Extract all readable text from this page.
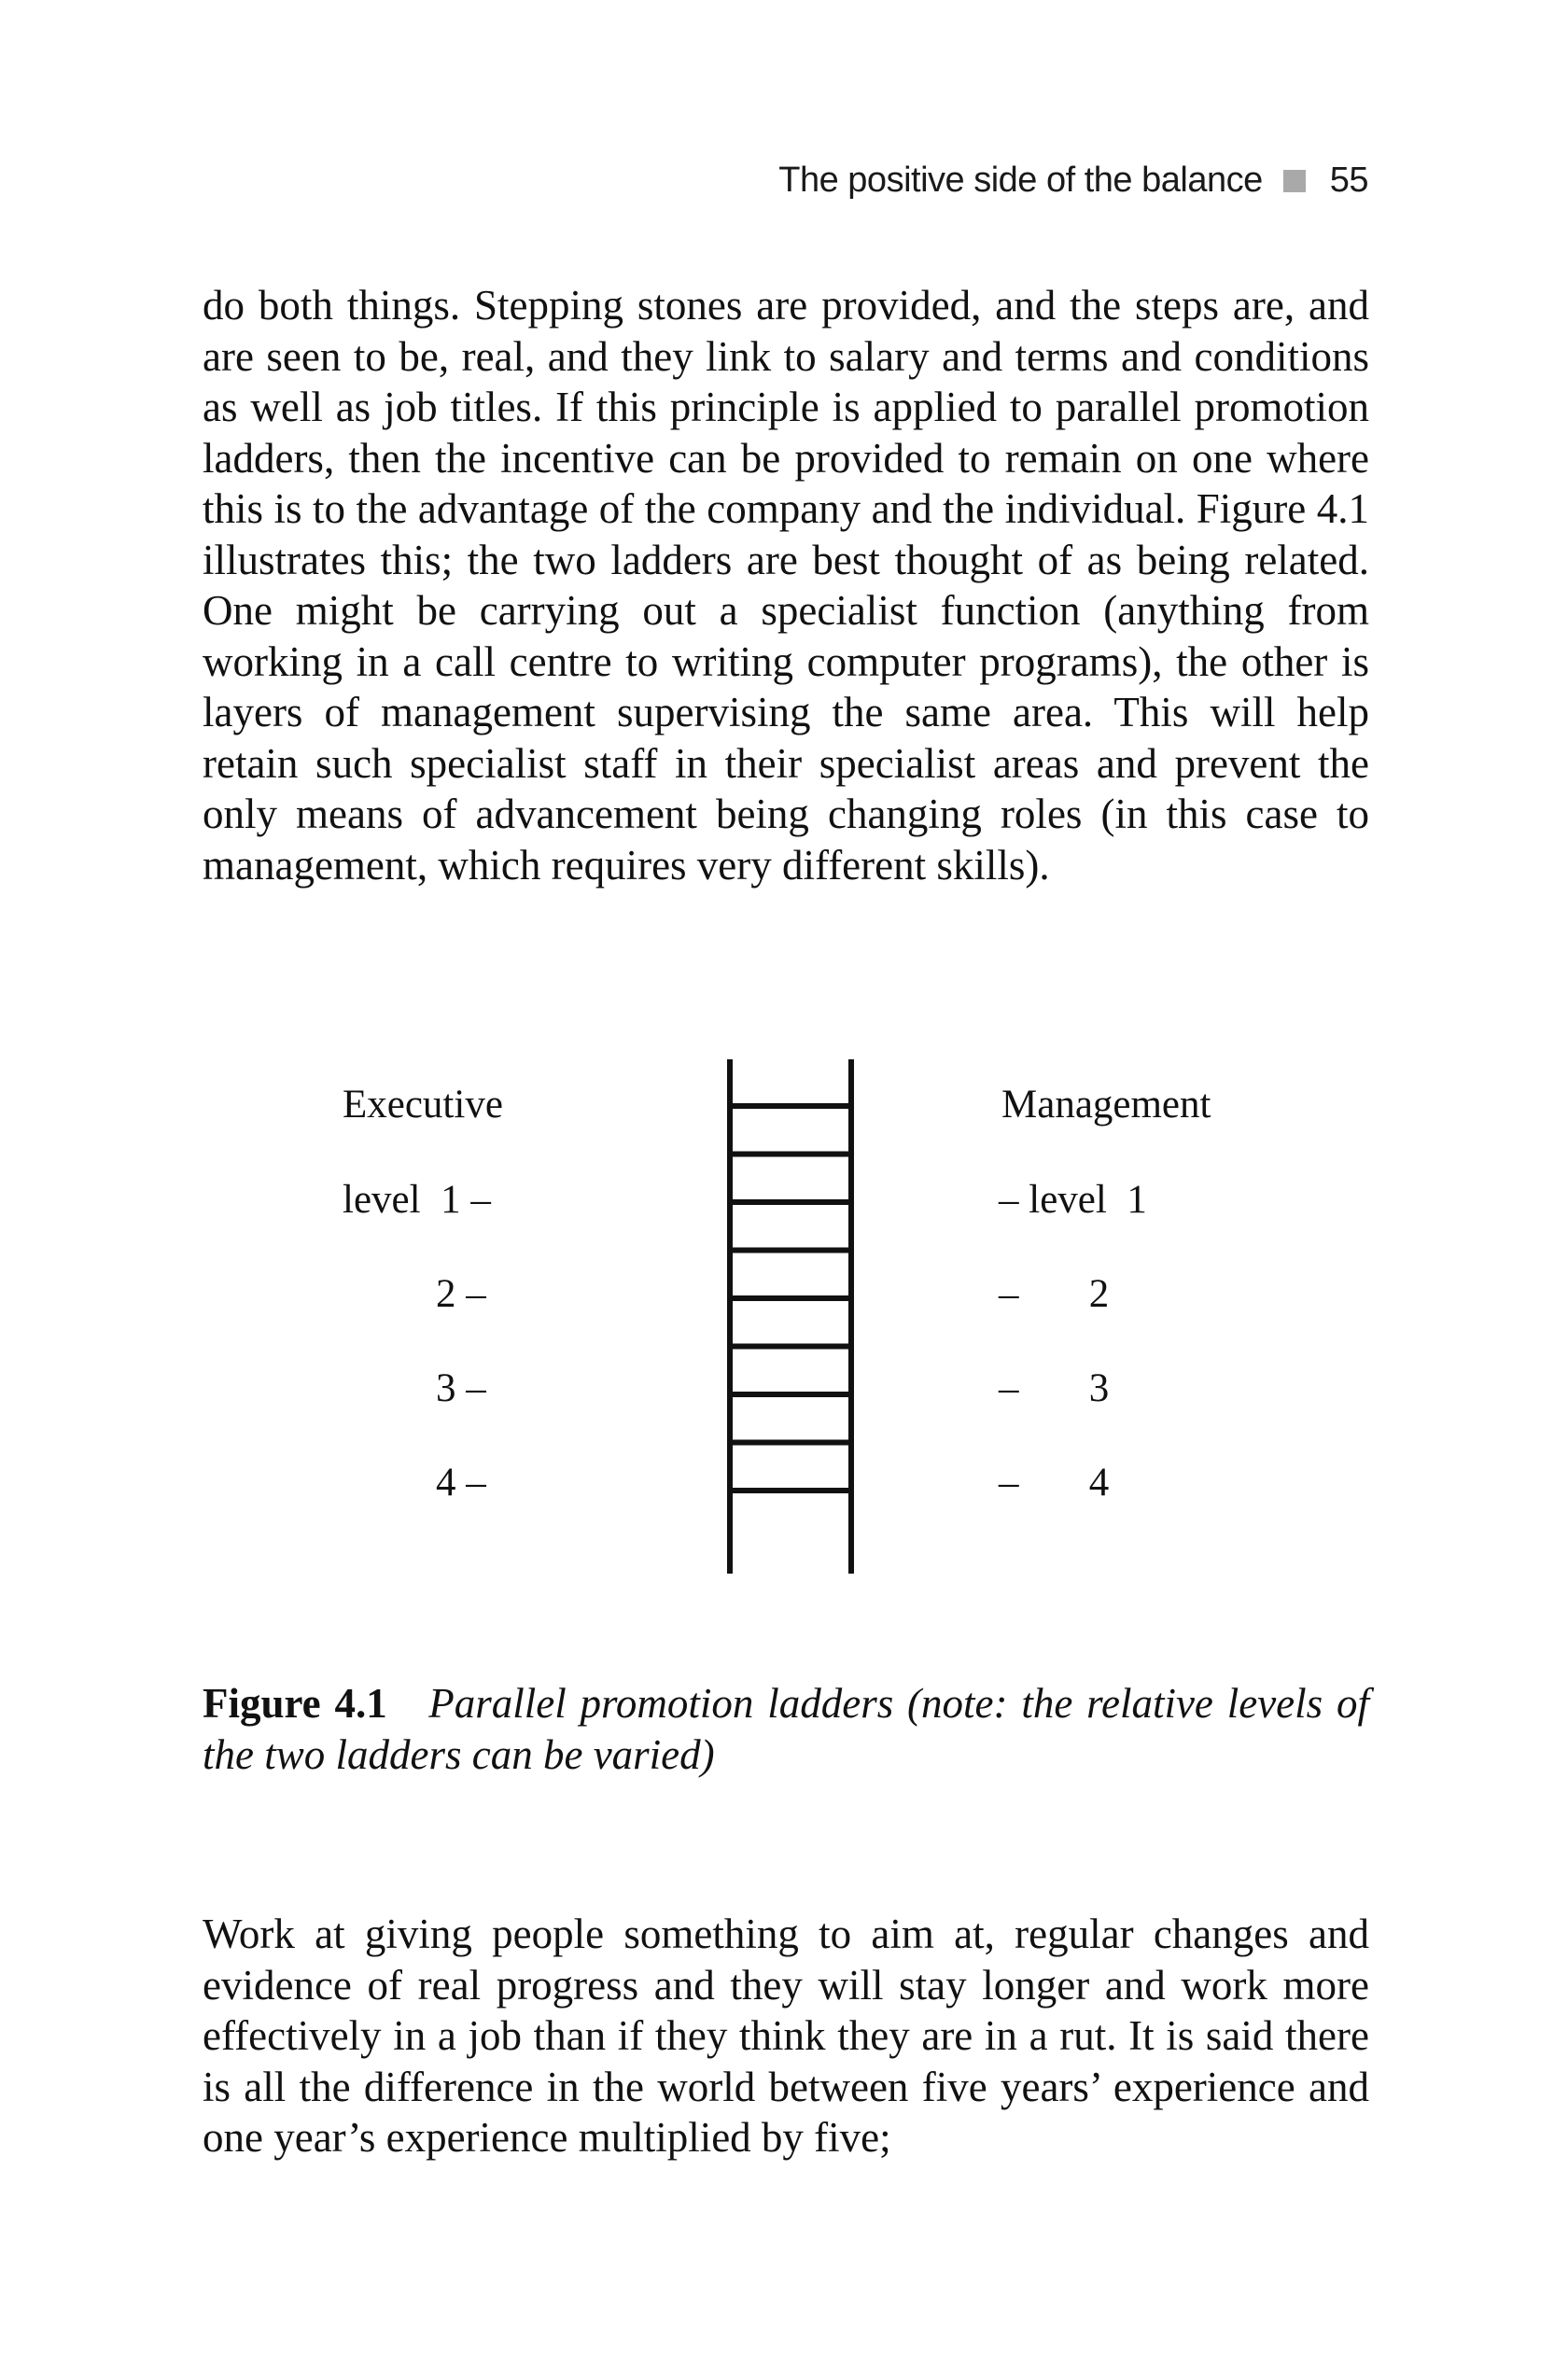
The positive side of the balance 55

do both things. Stepping stones are provided, and the steps are, and are seen to be, real, and they link to salary and terms and conditions as well as job titles. If this principle is applied to parallel promotion ladders, then the incentive can be provided to remain on one where this is to the advantage of the company and the individual. Figure 4.1 illustrates this; the two ladders are best thought of as being related. One might be carrying out a specialist function (anything from working in a call centre to writing computer programs), the other is layers of management supervising the same area. This will help retain such specialist staff in their specialist areas and prevent the only means of advancement being changing roles (in this case to management, which requires very different skills).

Executive
level  1 –
2 –
3 –
4 –
Management
– level  1
–       2
–       3
–       4

Figure 4.1 Parallel promotion ladders (note: the relative levels of the two ladders can be varied)

Work at giving people something to aim at, regular changes and evidence of real progress and they will stay longer and work more effectively in a job than if they think they are in a rut. It is said there is all the difference in the world between five years’ experience and one year’s experience multiplied by five;
